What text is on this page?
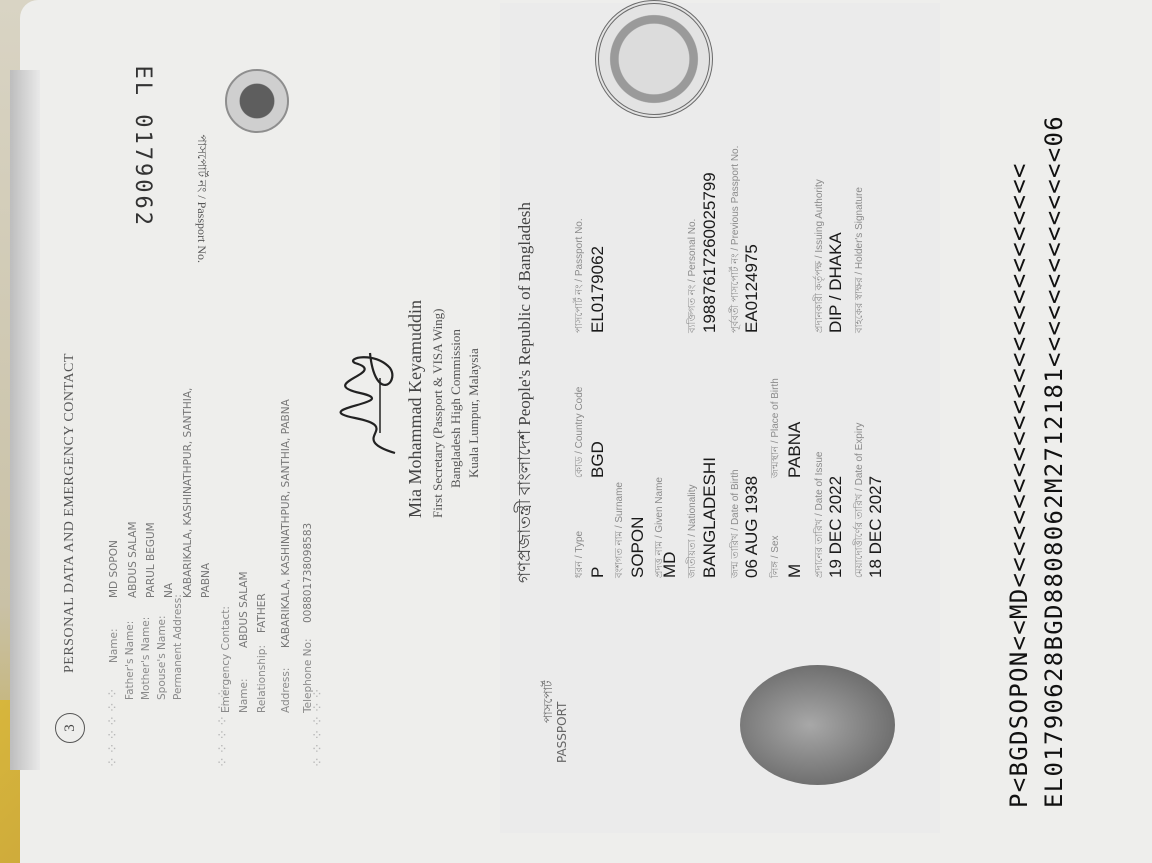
3
PERSONAL DATA AND EMERGENCY CONTACT
⁘⁘⁘⁘⁘⁘	⁘⁘⁘⁘⁘⁘	⁘⁘⁘⁘⁘⁘
Name:
MD SOPON
Father's Name:
ABDUS SALAM
Mother's Name:
PARUL BEGUM
Spouse's Name:
NA
Permanent Address:
KABARIKALA, KASHINATHPUR, SANTHIA, PABNA
Emergency Contact: Name:
ABDUS SALAM
Relationship:
FATHER
Address:
KABARIKALA, KASHINATHPUR, SANTHIA, PABNA
Telephone No:
008801738098583
Mia Mohammad Keyamuddin First Secretary (Passport & VISA Wing) Bangladesh High Commission Kuala Lumpur, Malaysia
EL 0179062	পাসপোর্ট নং / Passport No.
পাসপোর্ট PASSPORT
গণপ্রজাতন্ত্রী বাংলাদেশ People's Republic of Bangladesh	ধরন / Type P
কোড / Country Code BGD
পাসপোর্ট নং / Passport No. EL0179062
বংশগত নাম / Surname SOPON প্রদত্ত নাম / Given Name
MD জাতীয়তা / Nationality BANGLADESHI
ব্যক্তিগত নং / Personal No. 19887617260025799
জন্ম তারিখ / Date of Birth 06 AUG 1938
পূর্ববর্তী পাসপোর্ট নং / Previous Passport No. EA0124975
লিঙ্গ / Sex M
জন্মস্থান / Place of Birth PABNA
প্রদানের তারিখ / Date of Issue 19 DEC 2022
প্রদানকারী কর্তৃপক্ষ / Issuing Authority DIP / DHAKA
মেয়াদোত্তীর্ণের তারিখ / Date of Expiry 18 DEC 2027
বাহকের স্বাক্ষর / Holder's Signature	P<BGDSOPON<<MD<<<<<<<<<<<<<<<<<<<<<<<<<<< EL01790628BGD8808062M2712181<<<<<<<<<<<<<<06
